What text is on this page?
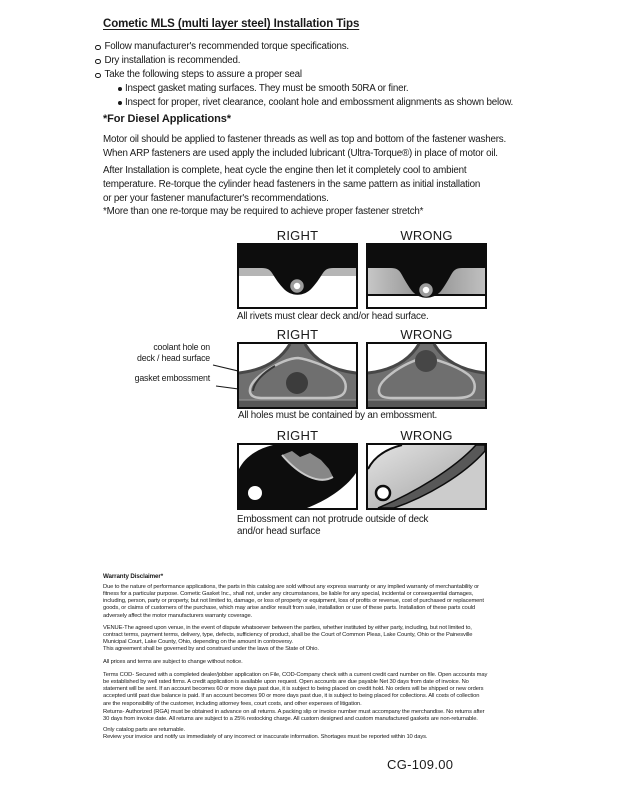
Cometic MLS (multi layer steel) Installation Tips
Follow manufacturer's recommended torque specifications.
Dry installation is recommended.
Take the following steps to assure a proper seal
Inspect gasket mating surfaces. They must be smooth 50RA or finer.
Inspect for proper, rivet clearance, coolant hole and embossment alignments as shown below.
*For Diesel Applications*
Motor oil should be applied to fastener threads as well as top and bottom of the fastener washers.
When ARP fasteners are used apply the included lubricant (Ultra-Torque®) in place of motor oil.
After Installation is complete, heat cycle the engine then let it completely cool to ambient
temperature. Re-torque the cylinder head fasteners in the same pattern as initial installation
or per your fastener manufacturer's recommendations.
*More than one re-torque may be required to achieve proper fastener stretch*
RIGHT	WRONG
All rivets must clear deck and/or head surface.
RIGHT	WRONG
coolant hole on
deck / head surface
gasket embossment
All holes must be contained by an embossment.
RIGHT	WRONG
Embossment can not protrude outside of deck
and/or head surface
Warranty Disclaimer*
Due to the nature of performance applications, the parts in this catalog are sold without any express warranty or any implied warranty of merchantability or
fitness for a particular purpose. Cometic Gasket Inc., shall not, under any circumstances, be liable for any special, incidental or consequential damages,
including, person, party or property, but not limited to, damage, or loss of property or equipment, loss of profits or revenue, cost of purchased or replacement
goods, or claims of customers of the purchase, which may arise and/or result from sale, installation or use of these parts. Installation of these parts could
adversely affect the motor manufacturers warranty coverage.
VENUE-The agreed upon venue, in the event of dispute whatsoever between the parties, whether instituted by either party, including, but not limited to,
contract terms, payment terms, delivery, type, defects, sufficiency of product, shall be the Court of Common Pleas, Lake County, Ohio or the Painesville
Municipal Court, Lake County, Ohio, depending on the amount in controversy.
This agreement shall be governed by and construed under the laws of the State of Ohio.
All prices and terms are subject to change without notice.
Terms COD- Secured with a completed dealer/jobber application on File, COD-Company check with a current credit card number on file. Open accounts may
be established by well rated firms. A credit application is available upon request. Open accounts are due payable Net 30 days from date of invoice. No
statement will be sent. If an account becomes 60 or more days past due, it is subject to being placed on credit hold. No orders will be shipped or new orders
accepted until past due balance is paid. If an account becomes 90 or more days past due, it is subject to being placed for collections. All costs of collection
are the responsibility of the customer, including attorney fees, court costs, and other expenses of litigation.
Returns- Authorized (RGA) must be obtained in advance on all returns. A packing slip or invoice number must accompany the merchandise. No returns after
30 days from invoice date. All returns are subject to a 25% restocking charge. All custom designed and custom manufactured gaskets are non-returnable.
Only catalog parts are returnable.
Review your invoice and notify us immediately of any incorrect or inaccurate information. Shortages must be reported within 10 days.
CG-109.00
